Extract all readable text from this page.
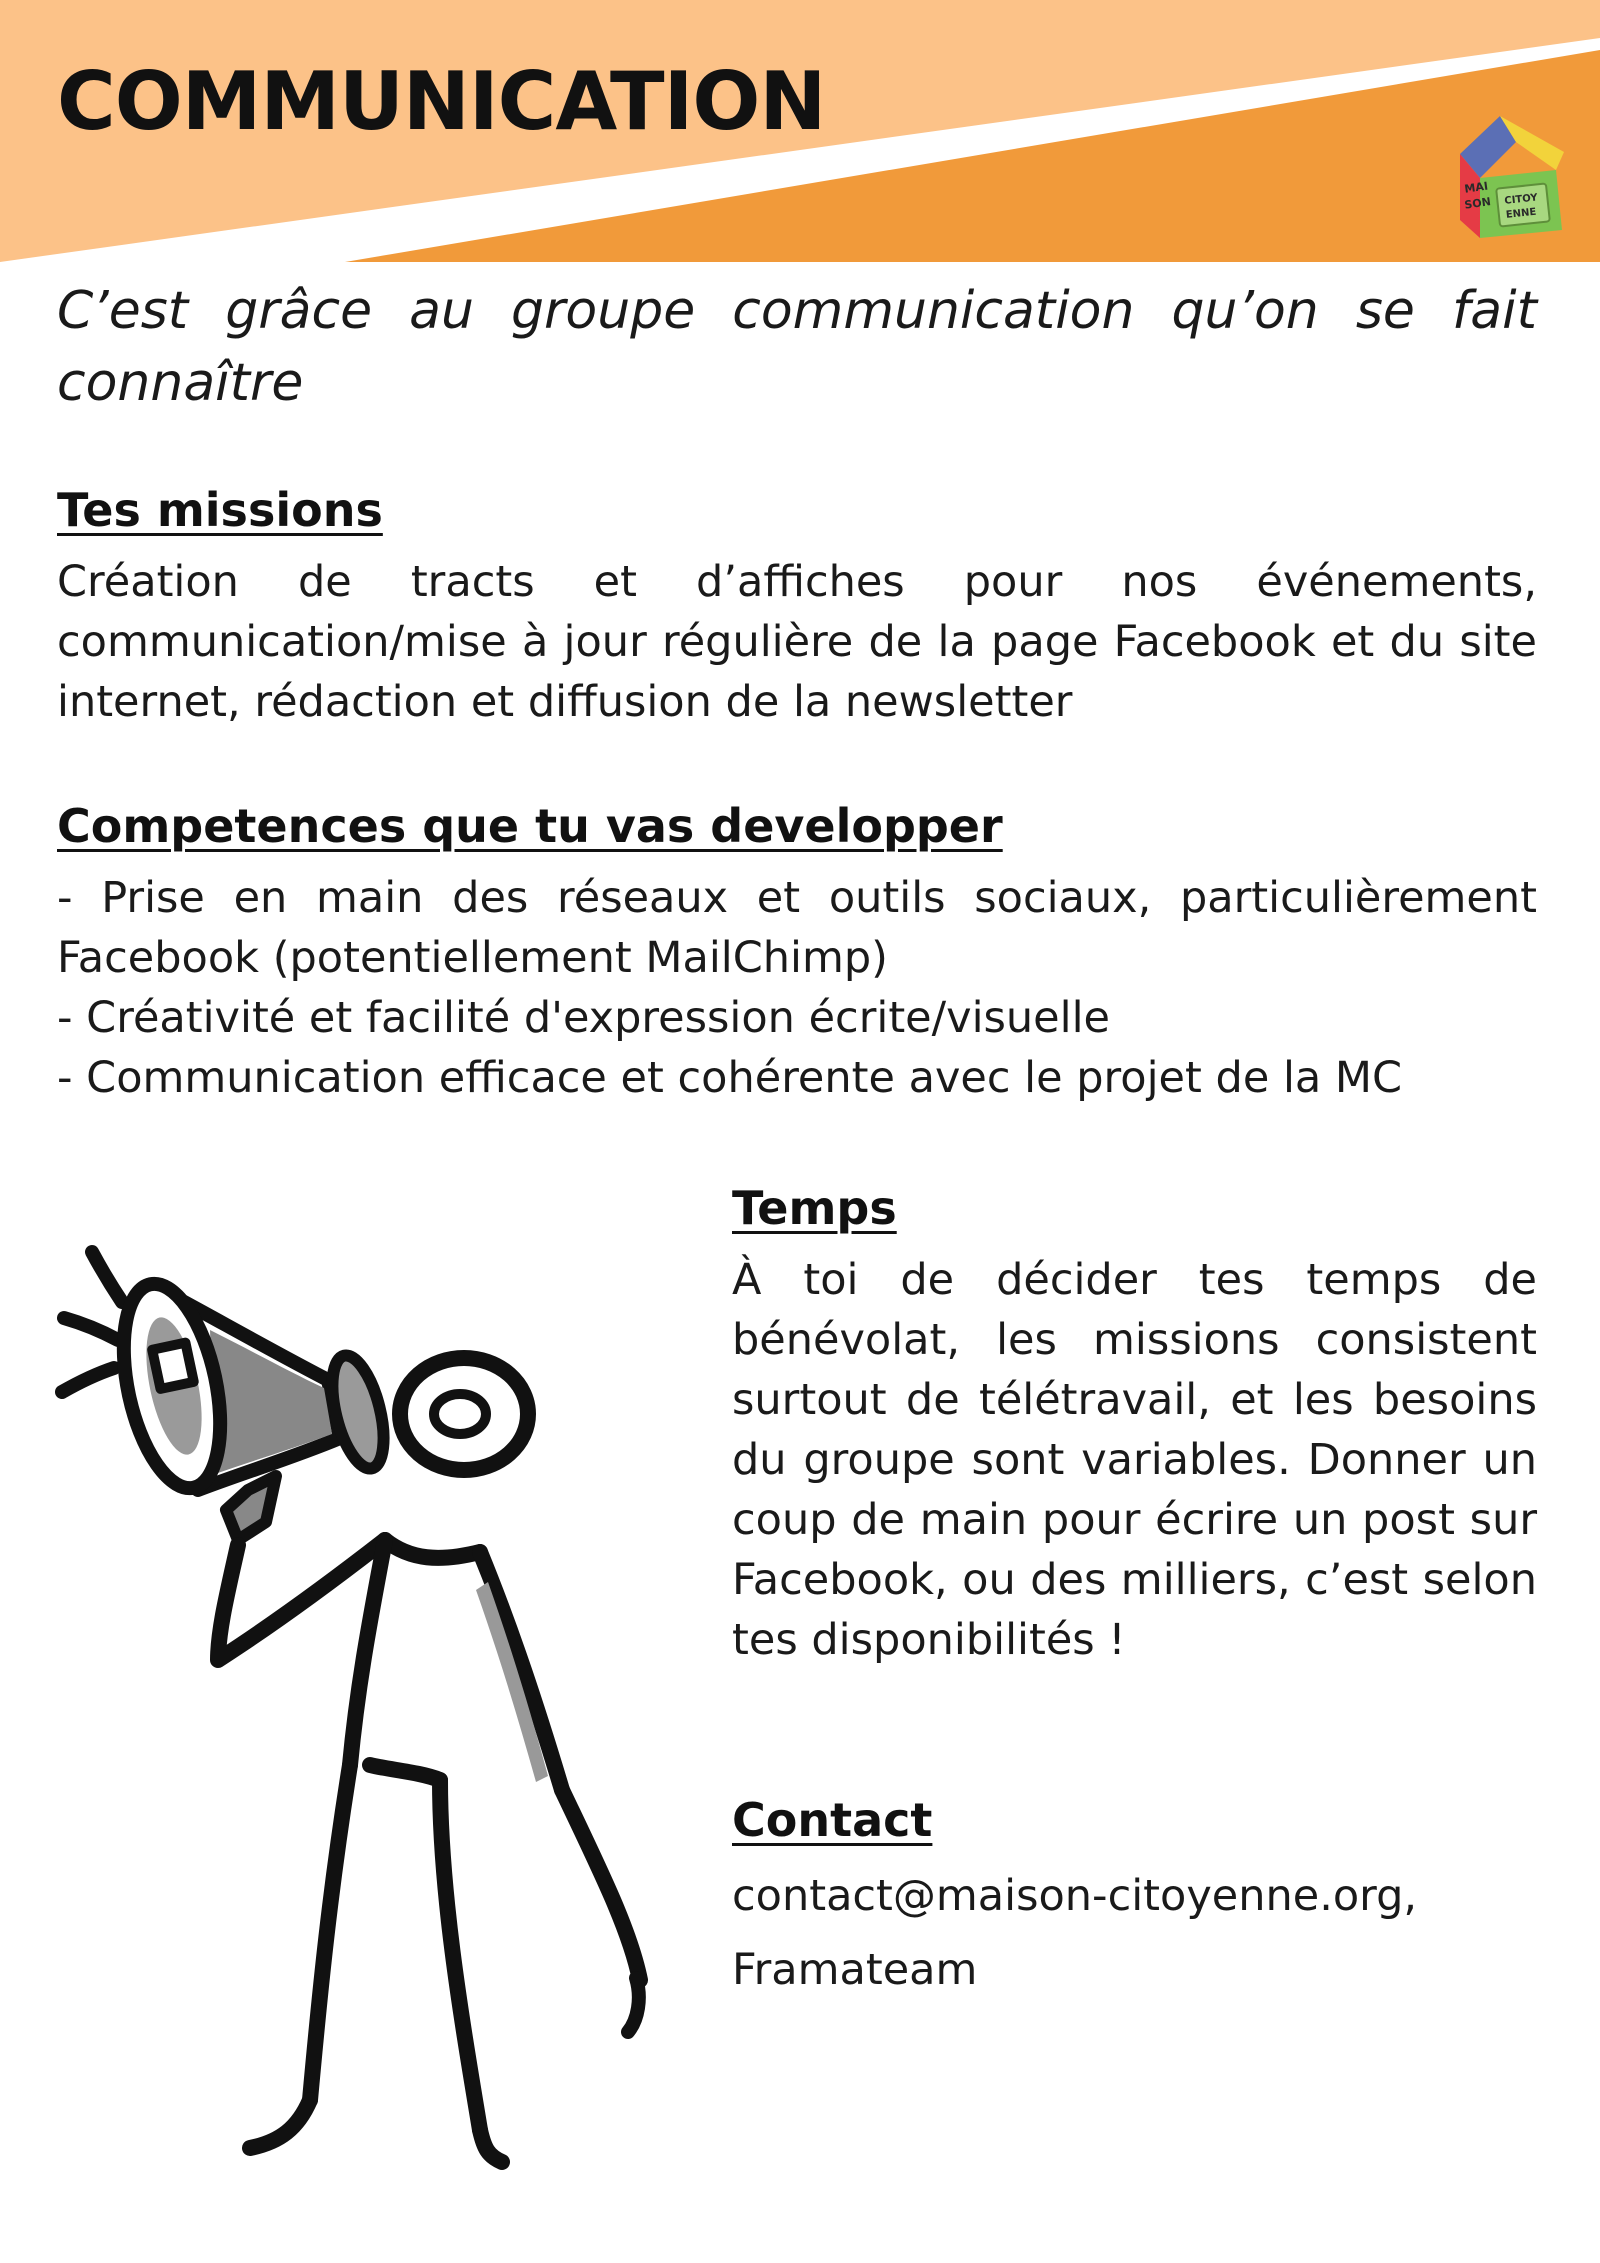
COMMUNICATION
MAI
SON CITOY
ENNE

C’est grâce au groupe communication qu’on se fait connaître

Tes missions

Création de tracts et d’affiches pour nos événements, communication/mise à jour régulière de la page Facebook et du site internet, rédaction et diffusion de la newsletter

Competences que tu vas developper
- Prise en main des réseaux et outils sociaux, particulièrement Facebook (potentiellement MailChimp)
- Créativité et facilité d'expression écrite/visuelle
- Communication efficace et cohérente avec le projet de la MC
Temps

À toi de décider tes temps de bénévolat, les missions consistent surtout de télétravail, et les besoins du groupe sont variables. Donner un coup de main pour écrire un post sur Facebook, ou des milliers, c’est selon tes disponibilités !

Contact

contact@maison-citoyenne.org,

Framateam
